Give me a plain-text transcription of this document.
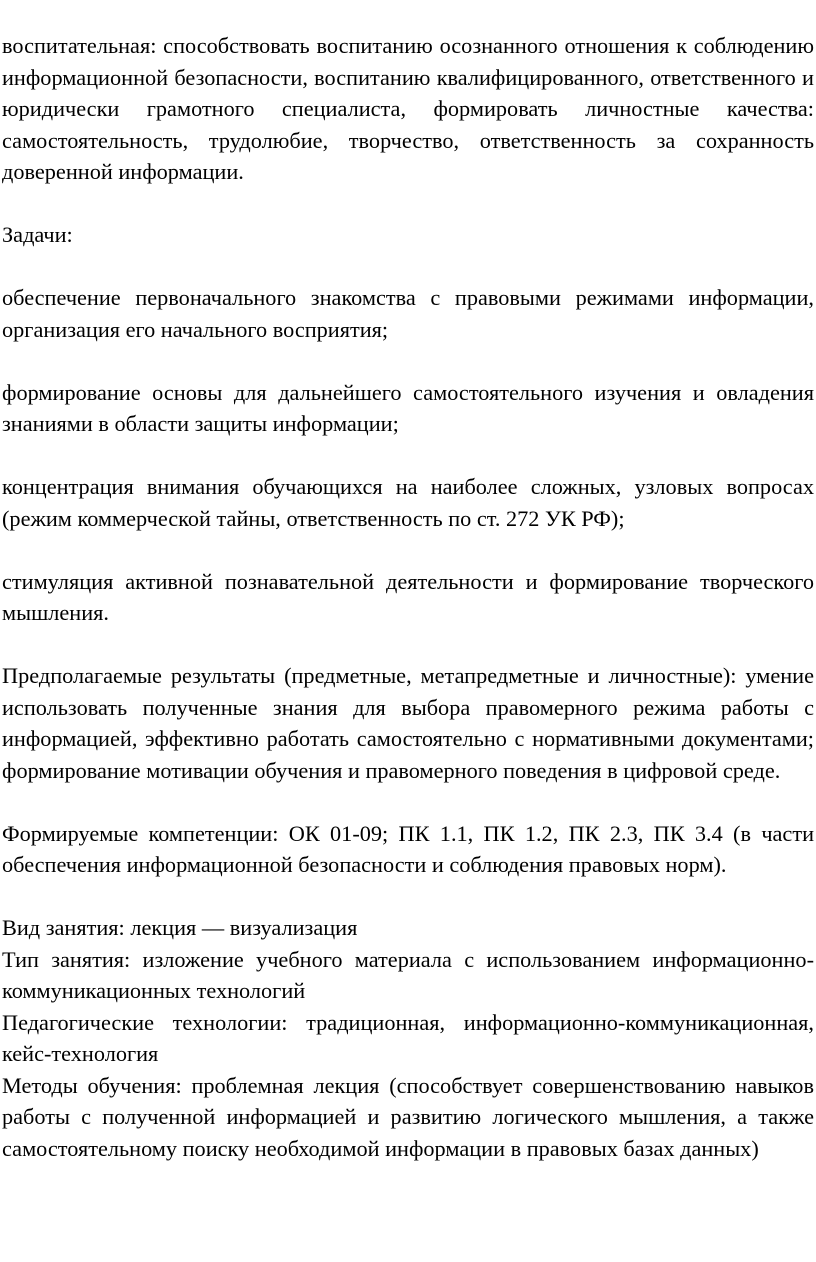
воспитательная: способствовать воспитанию осознанного отношения к соблюдению информационной безопасности, воспитанию квалифицированного, ответственного и юридически грамотного специалиста, формировать личностные качества: самостоятельность, трудолюбие, творчество, ответственность за сохранность доверенной информации.

Задачи:

обеспечение первоначального знакомства с правовыми режимами информации, организация его начального восприятия;

формирование основы для дальнейшего самостоятельного изучения и овладения знаниями в области защиты информации;

концентрация внимания обучающихся на наиболее сложных, узловых вопросах (режим коммерческой тайны, ответственность по ст. 272 УК РФ);

стимуляция активной познавательной деятельности и формирование творческого мышления.

Предполагаемые результаты (предметные, метапредметные и личностные): умение использовать полученные знания для выбора правомерного режима работы с информацией, эффективно работать самостоятельно с нормативными документами; формирование мотивации обучения и правомерного поведения в цифровой среде.

Формируемые компетенции: ОК 01-09; ПК 1.1, ПК 1.2, ПК 2.3, ПК 3.4 (в части обеспечения информационной безопасности и соблюдения правовых норм).

Вид занятия: лекция — визуализация

Тип занятия: изложение учебного материала с использованием информационно-коммуникационных технологий

Педагогические технологии: традиционная, информационно-коммуникационная, кейс-технология

Методы обучения: проблемная лекция (способствует совершенствованию навыков работы с полученной информацией и развитию логического мышления, а также самостоятельному поиску необходимой информации в правовых базах данных)
